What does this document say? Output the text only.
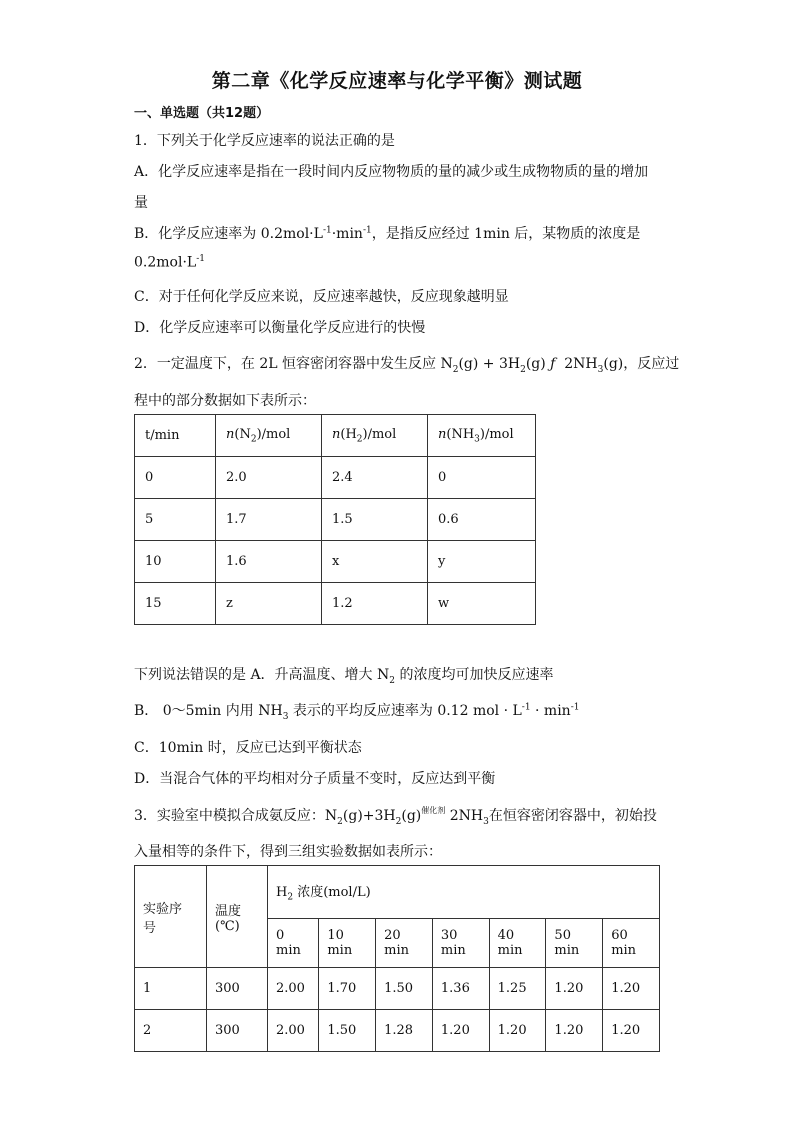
第二章《化学反应速率与化学平衡》测试题
一、单选题（共12题）
1．下列关于化学反应速率的说法正确的是
A．化学反应速率是指在一段时间内反应物物质的量的减少或生成物物质的量的增加
量
B．化学反应速率为 $0.2mol\cdot L^{-1}\cdot\min^{-1}$，是指反应经过 1min 后，某物质的浓度是
$0.2mol\cdot L^{-1}$
C．对于任何化学反应来说，反应速率越快，反应现象越明显
D．化学反应速率可以衡量化学反应进行的快慢
2．一定温度下，在 2L 恒容密闭容器中发生反应 $N_2(g) + 3H_2(g)$ ƒ $2NH_3(g)$，反应过
程中的部分数据如下表所示：
t/min	$n(N_2)$/mol	$n(H_2)$/mol	$n(NH_3)$/mol
0	2.0	2.4	0
5	1.7	1.5	0.6
10	1.6	x	y
15	z	1.2	w
下列说法错误的是 A．升高温度、增大 $N_2$ 的浓度均可加快反应速率
B． 0～5min 内用 $NH_3$ 表示的平均反应速率为 0.12 mol · $L^{-1} \cdot \min^{-1}$
C．10min 时，反应已达到平衡状态
D．当混合气体的平均相对分子质量不变时，反应达到平衡
3．实验室中模拟合成氨反应：$N_2(g)+3H_2(g)^{催化剂}$ $2NH_3$在恒容密闭容器中，初始投
入量相等的条件下，得到三组实验数据如表所示：
实验序
号	温度
(℃)	$H_2$ 浓度(mol/L)						
		0 min	10 min	20 min	30 min	40 min	50 min	60 min
1	300	2.00	1.70	1.50	1.36	1.25	1.20	1.20
2	300	2.00	1.50	1.28	1.20	1.20	1.20	1.20
